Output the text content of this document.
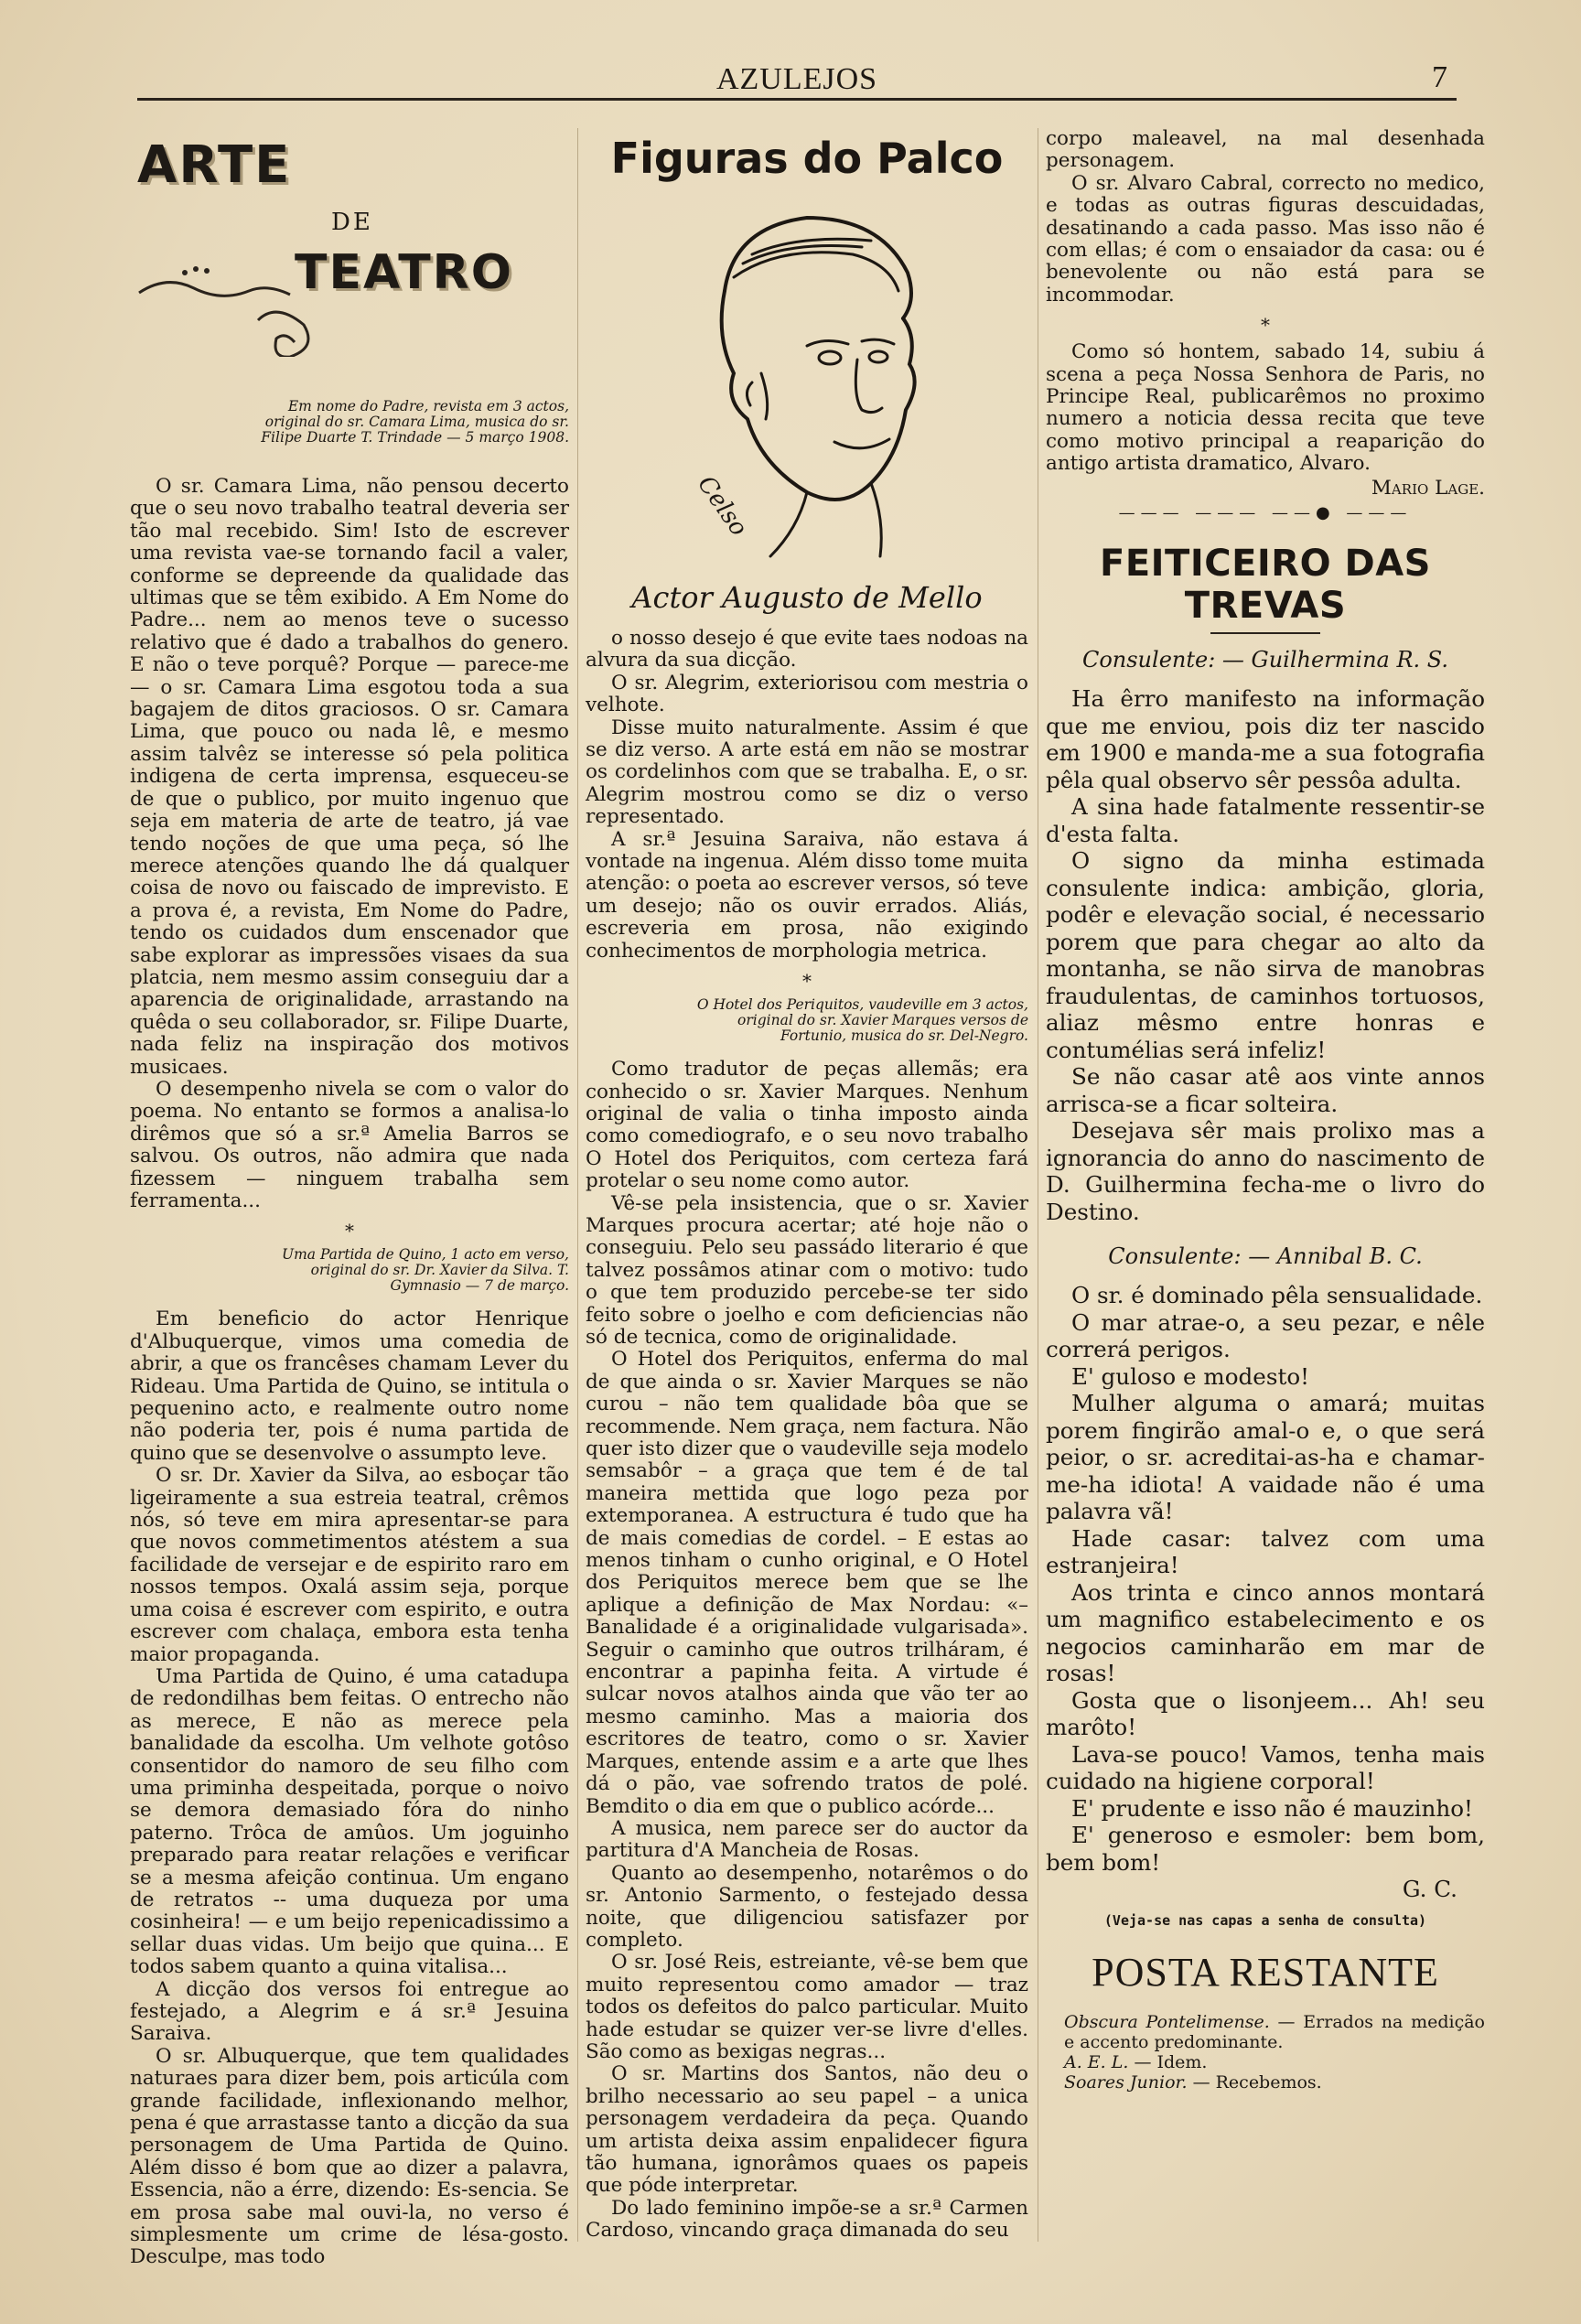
AZULEJOS	7
ARTE
DE
TEATRO
Em nome do Padre, revista em 3 actos, original do sr. Camara Lima, musica do sr. Filipe Duarte T. Trindade — 5 março 1908.

O sr. Camara Lima, não pensou decerto que o seu novo trabalho teatral deveria ser tão mal recebido. Sim! Isto de escrever uma revista vae-se tornando facil a valer, conforme se depreende da qualidade das ultimas que se têm exibido. A Em Nome do Padre... nem ao menos teve o sucesso relativo que é dado a trabalhos do genero. E não o teve porquê? Porque — parece-me — o sr. Camara Lima esgotou toda a sua bagajem de ditos graciosos. O sr. Camara Lima, que pouco ou nada lê, e mesmo assim talvêz se interesse só pela politica indigena de certa imprensa, esqueceu-se de que o publico, por muito ingenuo que seja em materia de arte de teatro, já vae tendo noções de que uma peça, só lhe merece atenções quando lhe dá qualquer coisa de novo ou faiscado de imprevisto. E a prova é, a revista, Em Nome do Padre, tendo os cuidados dum enscenador que sabe explorar as impressões visaes da sua platcia, nem mesmo assim conseguiu dar a aparencia de originalidade, arrastando na quêda o seu collaborador, sr. Filipe Duarte, nada feliz na inspiração dos motivos musicaes.

O desempenho nivela se com o valor do poema. No entanto se formos a analisa-lo dirêmos que só a sr.ª Amelia Barros se salvou. Os outros, não admira que nada fizessem — ninguem trabalha sem ferramenta...

*
Uma Partida de Quino, 1 acto em verso, original do sr. Dr. Xavier da Silva. T. Gymnasio — 7 de março.

Em beneficio do actor Henrique d'Albuquerque, vimos uma comedia de abrir, a que os francêses chamam Lever du Rideau. Uma Partida de Quino, se intitula o pequenino acto, e realmente outro nome não poderia ter, pois é numa partida de quino que se desenvolve o assumpto leve.

O sr. Dr. Xavier da Silva, ao esboçar tão ligeiramente a sua estreia teatral, crêmos nós, só teve em mira apresentar-se para que novos commetimentos atéstem a sua facilidade de versejar e de espirito raro em nossos tempos. Oxalá assim seja, porque uma coisa é escrever com espirito, e outra escrever com chalaça, embora esta tenha maior propaganda.

Uma Partida de Quino, é uma catadupa de redondilhas bem feitas. O entrecho não as merece, E não as merece pela banalidade da escolha. Um velhote gotôso consentidor do namoro de seu filho com uma priminha despeitada, porque o noivo se demora demasiado fóra do ninho paterno. Trôca de amûos. Um joguinho preparado para reatar relações e verificar se a mesma afeição continua. Um engano de retratos -- uma duqueza por uma cosinheira! — e um beijo repenicadissimo a sellar duas vidas. Um beijo que quina... E todos sabem quanto a quina vitalisa...

A dicção dos versos foi entregue ao festejado, a Alegrim e á sr.ª Jesuina Saraiva.

O sr. Albuquerque, que tem qualidades naturaes para dizer bem, pois articúla com grande facilidade, inflexionando melhor, pena é que arrastasse tanto a dicção da sua personagem de Uma Partida de Quino. Além disso é bom que ao dizer a palavra, Essencia, não a érre, dizendo: Es-sencia. Se em prosa sabe mal ouvi-la, no verso é simplesmente um crime de lésa-gosto. Desculpe, mas todo

Figuras do Palco
Celso
Actor Augusto de Mello

o nosso desejo é que evite taes nodoas na alvura da sua dicção.

O sr. Alegrim, exteriorisou com mestria o velhote.

Disse muito naturalmente. Assim é que se diz verso. A arte está em não se mostrar os cordelinhos com que se trabalha. E, o sr. Alegrim mostrou como se diz o verso representado.

A sr.ª Jesuina Saraiva, não estava á vontade na ingenua. Além disso tome muita atenção: o poeta ao escrever versos, só teve um desejo; não os ouvir errados. Aliás, escreveria em prosa, não exigindo conhecimentos de morphologia metrica.

*
O Hotel dos Periquitos, vaudeville em 3 actos, original do sr. Xavier Marques versos de Fortunio, musica do sr. Del-Negro.

Como tradutor de peças allemãs; era conhecido o sr. Xavier Marques. Nenhum original de valia o tinha imposto ainda como comediografo, e o seu novo trabalho O Hotel dos Periquitos, com certeza fará protelar o seu nome como autor.

Vê-se pela insistencia, que o sr. Xavier Marques procura acertar; até hoje não o conseguiu. Pelo seu passádo literario é que talvez possâmos atinar com o motivo: tudo o que tem produzido percebe-se ter sido feito sobre o joelho e com deficiencias não só de tecnica, como de originalidade.

O Hotel dos Periquitos, enferma do mal de que ainda o sr. Xavier Marques se não curou – não tem qualidade bôa que se recommende. Nem graça, nem factura. Não quer isto dizer que o vaudeville seja modelo semsabôr – a graça que tem é de tal maneira mettida que logo peza por extemporanea. A estructura é tudo que ha de mais comedias de cordel. – E estas ao menos tinham o cunho original, e O Hotel dos Periquitos merece bem que se lhe aplique a definição de Max Nordau: «–Banalidade é a originalidade vulgarisada». Seguir o caminho que outros trilháram, é encontrar a papinha feita. A virtude é sulcar novos atalhos ainda que vão ter ao mesmo caminho. Mas a maioria dos escritores de teatro, como o sr. Xavier Marques, entende assim e a arte que lhes dá o pão, vae sofrendo tratos de polé. Bemdito o dia em que o publico acórde...

A musica, nem parece ser do auctor da partitura d'A Mancheia de Rosas.

Quanto ao desempenho, notarêmos o do sr. Antonio Sarmento, o festejado dessa noite, que diligenciou satisfazer por completo.

O sr. José Reis, estreiante, vê-se bem que muito representou como amador — traz todos os defeitos do palco particular. Muito hade estudar se quizer ver-se livre d'elles. São como as bexigas negras...

O sr. Martins dos Santos, não deu o brilho necessario ao seu papel – a unica personagem verdadeira da peça. Quando um artista deixa assim enpalidecer figura tão humana, ignorâmos quaes os papeis que póde interpretar.

Do lado feminino impõe-se a sr.ª Carmen Cardoso, vincando graça dimanada do seu

corpo maleavel, na mal desenhada personagem.

O sr. Alvaro Cabral, correcto no medico, e todas as outras figuras descuidadas, desatinando a cada passo. Mas isso não é com ellas; é com o ensaiador da casa: ou é benevolente ou não está para se incommodar.

*

Como só hontem, sabado 14, subiu á scena a peça Nossa Senhora de Paris, no Principe Real, publicarêmos no proximo numero a noticia dessa recita que teve como motivo principal a reaparição do antigo artista dramatico, Alvaro.

Mario Lage.

——— ——— ——● ———
FEITICEIRO DAS TREVAS
Consulente: — Guilhermina R. S.

Ha êrro manifesto na informação que me enviou, pois diz ter nascido em 1900 e manda-me a sua fotografia pêla qual observo sêr pessôa adulta.

A sina hade fatalmente ressentir-se d'esta falta.

O signo da minha estimada consulente indica: ambição, gloria, podêr e elevação social, é necessario porem que para chegar ao alto da montanha, se não sirva de manobras fraudulentas, de caminhos tortuosos, aliaz mêsmo entre honras e contumélias será infeliz!

Se não casar atê aos vinte annos arrisca-se a ficar solteira.

Desejava sêr mais prolixo mas a ignorancia do anno do nascimento de D. Guilhermina fecha-me o livro do Destino.

Consulente: — Annibal B. C.

O sr. é dominado pêla sensualidade.

O mar atrae-o, a seu pezar, e nêle correrá perigos.

E' guloso e modesto!

Mulher alguma o amará; muitas porem fingirão amal-o e, o que será peior, o sr. acreditai-as-ha e chamar-me-ha idiota! A vaidade não é uma palavra vã!

Hade casar: talvez com uma estranjeira!

Aos trinta e cinco annos montará um magnifico estabelecimento e os negocios caminharão em mar de rosas!

Gosta que o lisonjeem... Ah! seu marôto!

Lava-se pouco! Vamos, tenha mais cuidado na higiene corporal!

E' prudente e isso não é mauzinho!

E' generoso e esmoler: bem bom, bem bom!

G. C.

(Veja-se nas capas a senha de consulta)
POSTA RESTANTE

Obscura Pontelimense. — Errados na medição e accento predominante.

A. E. L. — Idem.

Soares Junior. — Recebemos.
